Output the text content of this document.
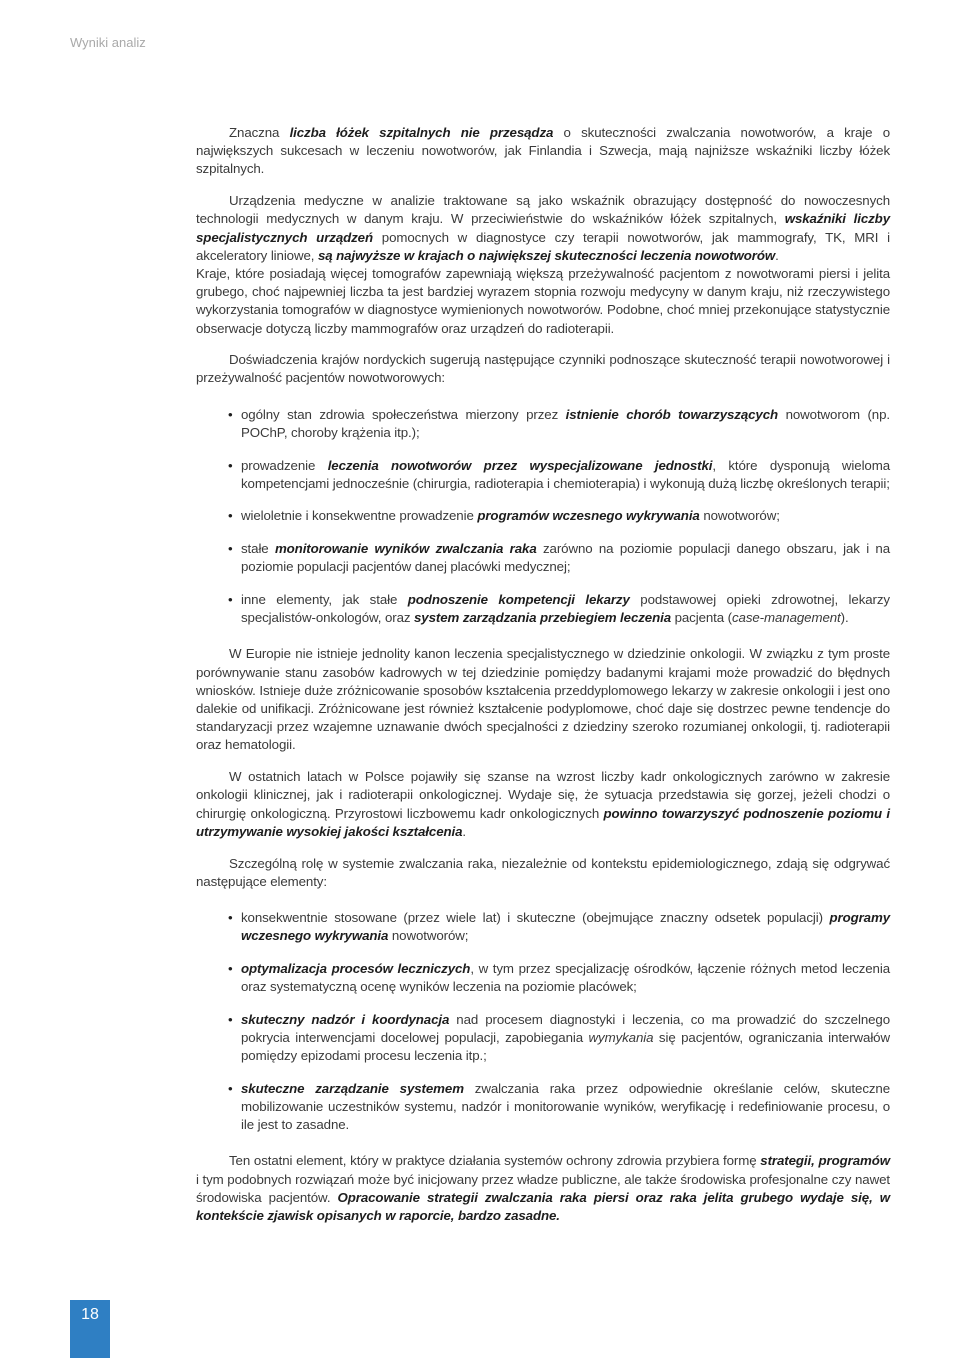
Wyniki analiz

Znaczna liczba łóżek szpitalnych nie przesądza o skuteczności zwalczania nowotworów, a kraje o największych sukcesach w leczeniu nowotworów, jak Finlandia i Szwecja, mają najniższe wskaźniki liczby łóżek szpitalnych.

Urządzenia medyczne w analizie traktowane są jako wskaźnik obrazujący dostępność do nowoczesnych technologii medycznych w danym kraju. W przeciwieństwie do wskaźników łóżek szpitalnych, wskaźniki liczby specjalistycznych urządzeń pomocnych w diagnostyce czy terapii nowotworów, jak mammografy, TK, MRI i akceleratory liniowe, są najwyższe w krajach o największej skuteczności leczenia nowotworów.

Kraje, które posiadają więcej tomografów zapewniają większą przeżywalność pacjentom z nowotworami piersi i jelita grubego, choć najpewniej liczba ta jest bardziej wyrazem stopnia rozwoju medycyny w danym kraju, niż rzeczywistego wykorzystania tomografów w diagnostyce wymienionych nowotworów. Podobne, choć mniej przekonujące statystycznie obserwacje dotyczą liczby mammografów oraz urządzeń do radioterapii.

Doświadczenia krajów nordyckich sugerują następujące czynniki podnoszące skuteczność terapii nowotworowej i przeżywalność pacjentów nowotworowych:

• ogólny stan zdrowia społeczeństwa mierzony przez istnienie chorób towarzyszących nowotworom (np. POChP, choroby krążenia itp.);
• prowadzenie leczenia nowotworów przez wyspecjalizowane jednostki, które dysponują wieloma kompetencjami jednocześnie (chirurgia, radioterapia i chemioterapia) i wykonują dużą liczbę określonych terapii;
• wieloletnie i konsekwentne prowadzenie programów wczesnego wykrywania nowotworów;
• stałe monitorowanie wyników zwalczania raka zarówno na poziomie populacji danego obszaru, jak i na poziomie populacji pacjentów danej placówki medycznej;
• inne elementy, jak stałe podnoszenie kompetencji lekarzy podstawowej opieki zdrowotnej, lekarzy specjalistów-onkologów, oraz system zarządzania przebiegiem leczenia pacjenta (case-management).

W Europie nie istnieje jednolity kanon leczenia specjalistycznego w dziedzinie onkologii. W związku z tym proste porównywanie stanu zasobów kadrowych w tej dziedzinie pomiędzy badanymi krajami może prowadzić do błędnych wniosków. Istnieje duże zróżnicowanie sposobów kształcenia przeddyplomowego lekarzy w zakresie onkologii i jest ono dalekie od unifikacji. Zróżnicowane jest również kształcenie podyplomowe, choć daje się dostrzec pewne tendencje do standaryzacji przez wzajemne uznawanie dwóch specjalności z dziedziny szeroko rozumianej onkologii, tj. radioterapii oraz hematologii.

W ostatnich latach w Polsce pojawiły się szanse na wzrost liczby kadr onkologicznych zarówno w zakresie onkologii klinicznej, jak i radioterapii onkologicznej. Wydaje się, że sytuacja przedstawia się gorzej, jeżeli chodzi o chirurgię onkologiczną. Przyrostowi liczbowemu kadr onkologicznych powinno towarzyszyć podnoszenie poziomu i utrzymywanie wysokiej jakości kształcenia.

Szczególną rolę w systemie zwalczania raka, niezależnie od kontekstu epidemiologicznego, zdają się odgrywać następujące elementy:

• konsekwentnie stosowane (przez wiele lat) i skuteczne (obejmujące znaczny odsetek populacji) programy wczesnego wykrywania nowotworów;
• optymalizacja procesów leczniczych, w tym przez specjalizację ośrodków, łączenie różnych metod leczenia oraz systematyczną ocenę wyników leczenia na poziomie placówek;
• skuteczny nadzór i koordynacja nad procesem diagnostyki i leczenia, co ma prowadzić do szczelnego pokrycia interwencjami docelowej populacji, zapobiegania wymykania się pacjentów, ograniczania interwałów pomiędzy epizodami procesu leczenia itp.;
• skuteczne zarządzanie systemem zwalczania raka przez odpowiednie określanie celów, skuteczne mobilizowanie uczestników systemu, nadzór i monitorowanie wyników, weryfikację i redefiniowanie procesu, o ile jest to zasadne.

Ten ostatni element, który w praktyce działania systemów ochrony zdrowia przybiera formę strategii, programów i tym podobnych rozwiązań może być inicjowany przez władze publiczne, ale także środowiska profesjonalne czy nawet środowiska pacjentów. Opracowanie strategii zwalczania raka piersi oraz raka jelita grubego wydaje się, w kontekście zjawisk opisanych w raporcie, bardzo zasadne.

18
